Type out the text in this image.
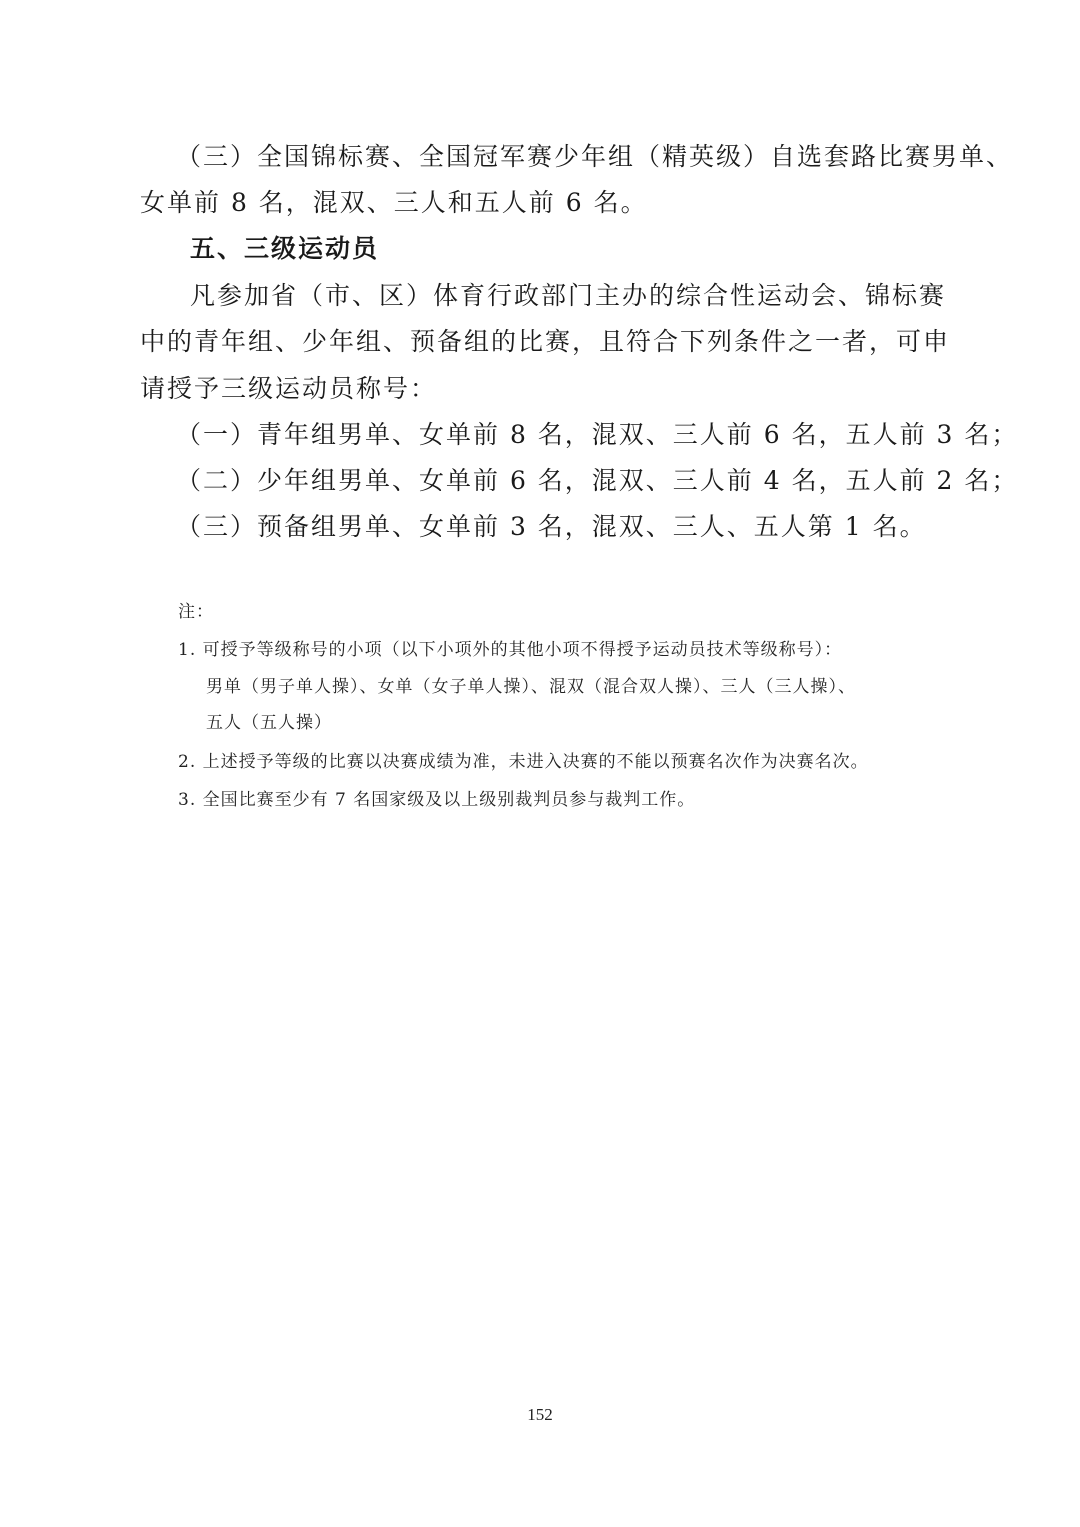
（三）全国锦标赛、全国冠军赛少年组（精英级）自选套路比赛男单、
女单前 8 名，混双、三人和五人前 6 名。
五、三级运动员
凡参加省（市、区）体育行政部门主办的综合性运动会、锦标赛
中的青年组、少年组、预备组的比赛，且符合下列条件之一者，可申
请授予三级运动员称号：
（一）青年组男单、女单前 8 名，混双、三人前 6 名，五人前 3 名；
（二）少年组男单、女单前 6 名，混双、三人前 4 名，五人前 2 名；
（三）预备组男单、女单前 3 名，混双、三人、五人第 1 名。
注：
1. 可授予等级称号的小项（以下小项外的其他小项不得授予运动员技术等级称号）：
男单（男子单人操）、女单（女子单人操）、混双（混合双人操）、三人（三人操）、
五人（五人操）
2. 上述授予等级的比赛以决赛成绩为准，未进入决赛的不能以预赛名次作为决赛名次。
3. 全国比赛至少有 7 名国家级及以上级别裁判员参与裁判工作。
152
